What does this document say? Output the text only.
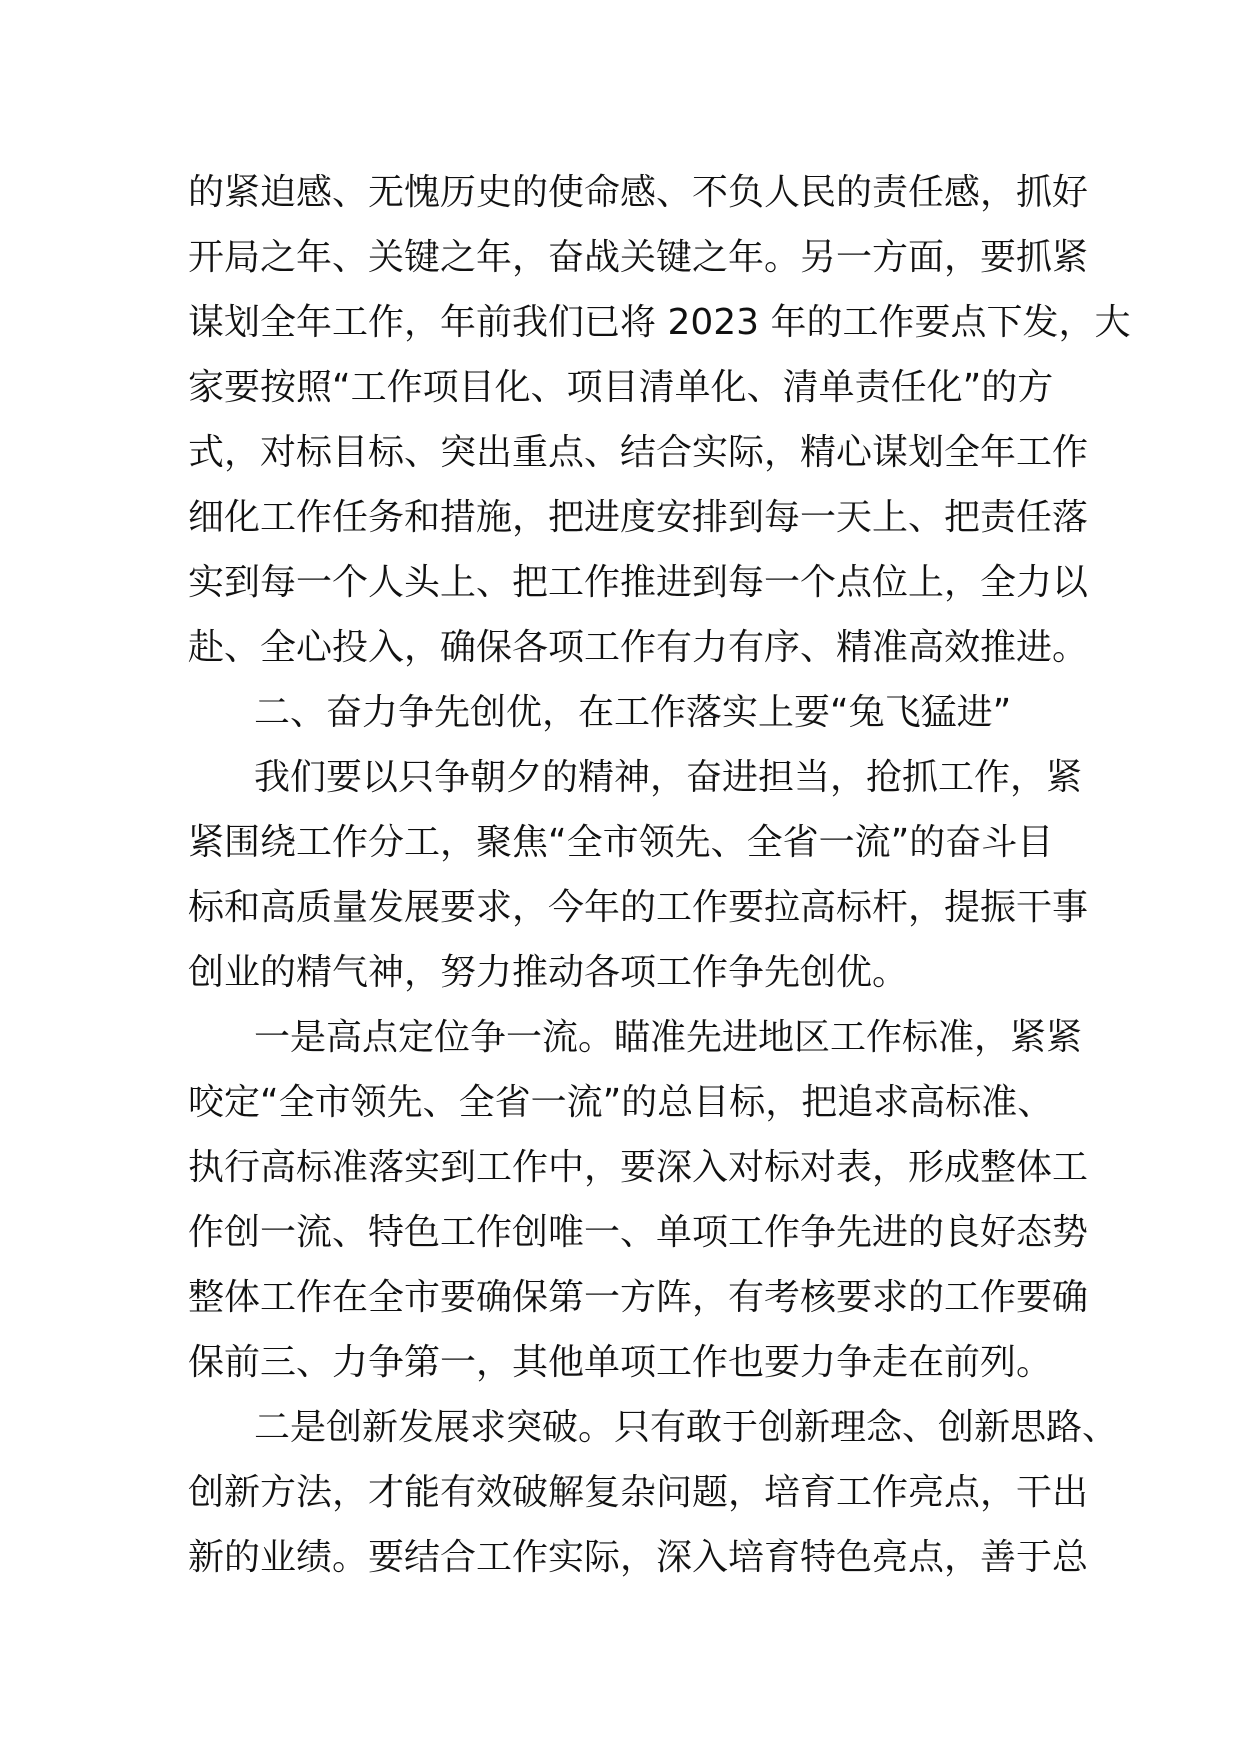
的紧迫感、无愧历史的使命感、不负人民的责任感，抓好
开局之年、关键之年，奋战关键之年。另一方面，要抓紧
谋划全年工作，年前我们已将 2023 年的工作要点下发，大
家要按照“工作项目化、项目清单化、清单责任化”的方
式，对标目标、突出重点、结合实际，精心谋划全年工作
细化工作任务和措施，把进度安排到每一天上、把责任落
实到每一个人头上、把工作推进到每一个点位上，全力以
赴、全心投入，确保各项工作有力有序、精准高效推进。
二、奋力争先创优，在工作落实上要“兔飞猛进”
我们要以只争朝夕的精神，奋进担当，抢抓工作，紧
紧围绕工作分工，聚焦“全市领先、全省一流”的奋斗目
标和高质量发展要求，今年的工作要拉高标杆，提振干事
创业的精气神，努力推动各项工作争先创优。
一是高点定位争一流。瞄准先进地区工作标准，紧紧
咬定“全市领先、全省一流”的总目标，把追求高标准、
执行高标准落实到工作中，要深入对标对表，形成整体工
作创一流、特色工作创唯一、单项工作争先进的良好态势
整体工作在全市要确保第一方阵，有考核要求的工作要确
保前三、力争第一，其他单项工作也要力争走在前列。
二是创新发展求突破。只有敢于创新理念、创新思路、
创新方法，才能有效破解复杂问题，培育工作亮点，干出
新的业绩。要结合工作实际，深入培育特色亮点，善于总
